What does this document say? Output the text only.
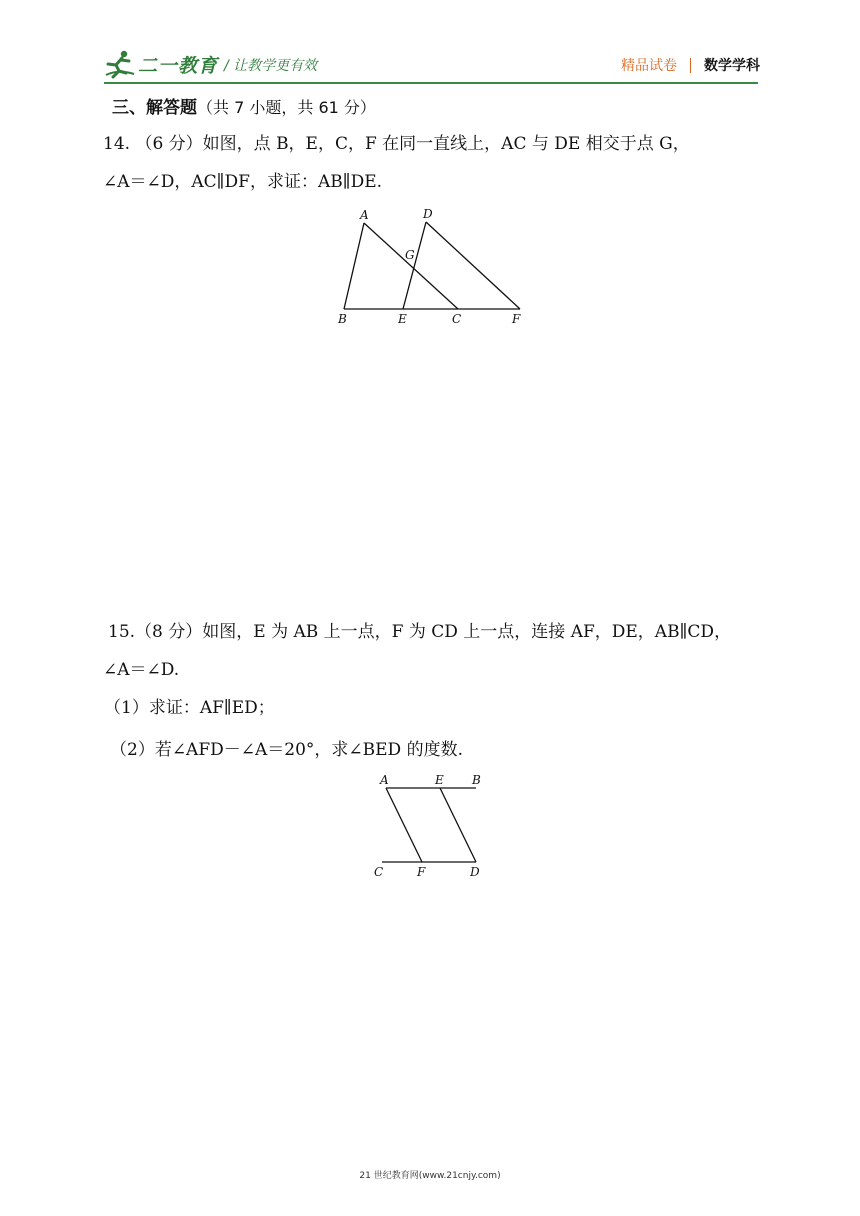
二一教育 / 让教学更有效	精品试卷 数学学科
三、解答题（共 7 小题，共 61 分）
14. （6 分）如图，点 B，E，C，F 在同一直线上，AC 与 DE 相交于点 G，
∠A＝∠D，AC∥DF，求证：AB∥DE.
A	D
G
B	E	C	F
15.（8 分）如图，E 为 AB 上一点，F 为 CD 上一点，连接 AF，DE，AB∥CD，
∠A＝∠D.
（1）求证：AF∥ED；
（2）若∠AFD－∠A＝20°，求∠BED 的度数.
A	E B
C	F	D
21 世纪教育网(www.21cnjy.com)
